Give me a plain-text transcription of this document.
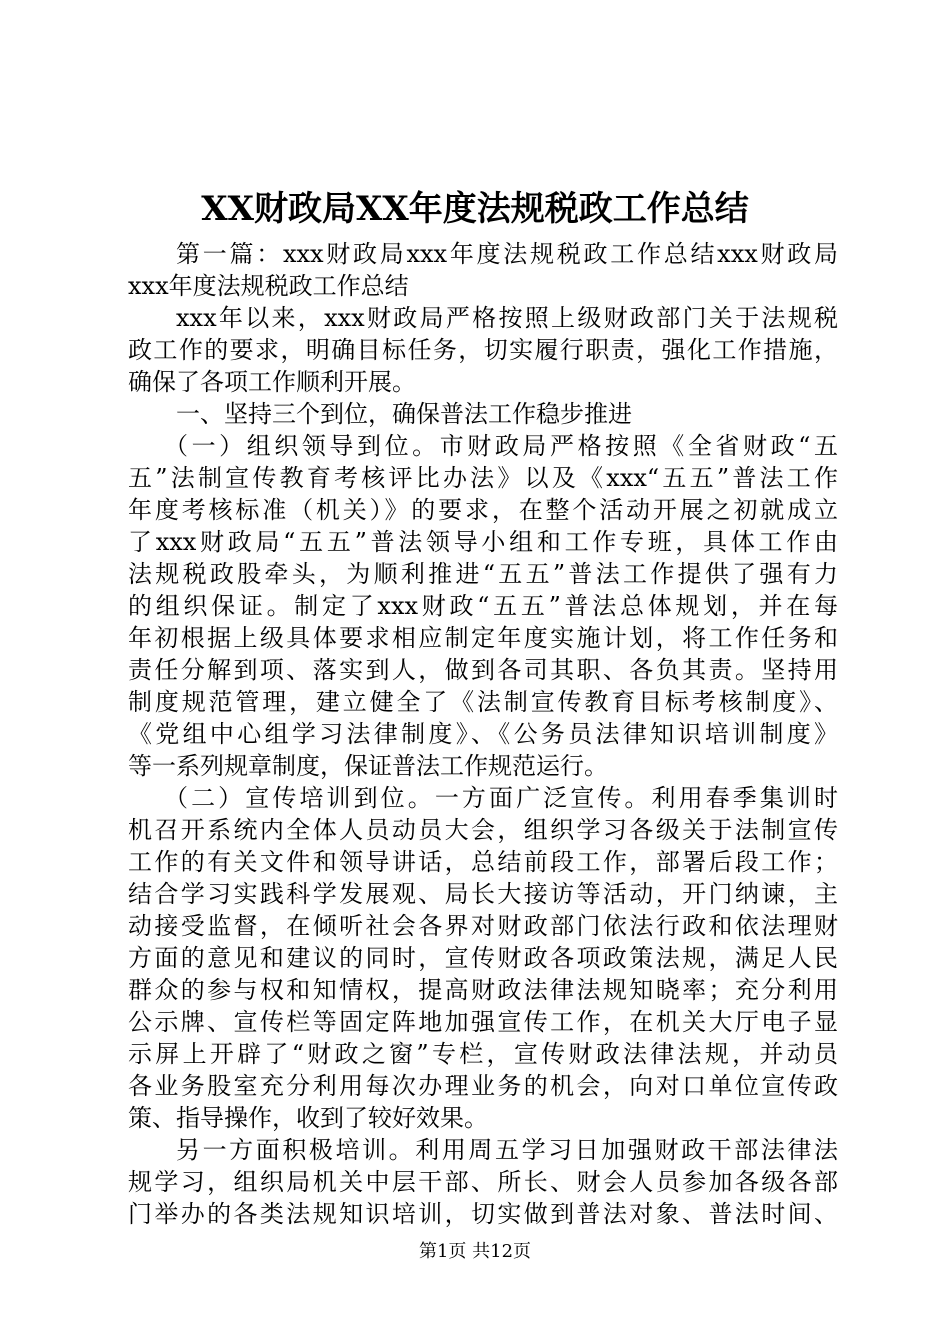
XX财政局XX年度法规税政工作总结
第一篇：xxx财政局xxx年度法规税政工作总结xxx财政局
xxx年度法规税政工作总结
xxx年以来，xxx财政局严格按照上级财政部门关于法规税
政工作的要求，明确目标任务，切实履行职责，强化工作措施，
确保了各项工作顺利开展。
一、坚持三个到位，确保普法工作稳步推进
（一）组织领导到位。市财政局严格按照《全省财政“五
五”法制宣传教育考核评比办法》以及《xxx“五五”普法工作
年度考核标准（机关）》的要求，在整个活动开展之初就成立
了xxx财政局“五五”普法领导小组和工作专班，具体工作由
法规税政股牵头，为顺利推进“五五”普法工作提供了强有力
的组织保证。制定了xxx财政“五五”普法总体规划，并在每
年初根据上级具体要求相应制定年度实施计划，将工作任务和
责任分解到项、落实到人，做到各司其职、各负其责。坚持用
制度规范管理，建立健全了《法制宣传教育目标考核制度》、
《党组中心组学习法律制度》、《公务员法律知识培训制度》
等一系列规章制度，保证普法工作规范运行。
（二）宣传培训到位。一方面广泛宣传。利用春季集训时
机召开系统内全体人员动员大会，组织学习各级关于法制宣传
工作的有关文件和领导讲话，总结前段工作，部署后段工作；
结合学习实践科学发展观、局长大接访等活动，开门纳谏，主
动接受监督，在倾听社会各界对财政部门依法行政和依法理财
方面的意见和建议的同时，宣传财政各项政策法规，满足人民
群众的参与权和知情权，提高财政法律法规知晓率；充分利用
公示牌、宣传栏等固定阵地加强宣传工作，在机关大厅电子显
示屏上开辟了“财政之窗”专栏，宣传财政法律法规，并动员
各业务股室充分利用每次办理业务的机会，向对口单位宣传政
策、指导操作，收到了较好效果。
另一方面积极培训。利用周五学习日加强财政干部法律法
规学习，组织局机关中层干部、所长、财会人员参加各级各部
门举办的各类法规知识培训，切实做到普法对象、普法时间、
第1页 共12页
